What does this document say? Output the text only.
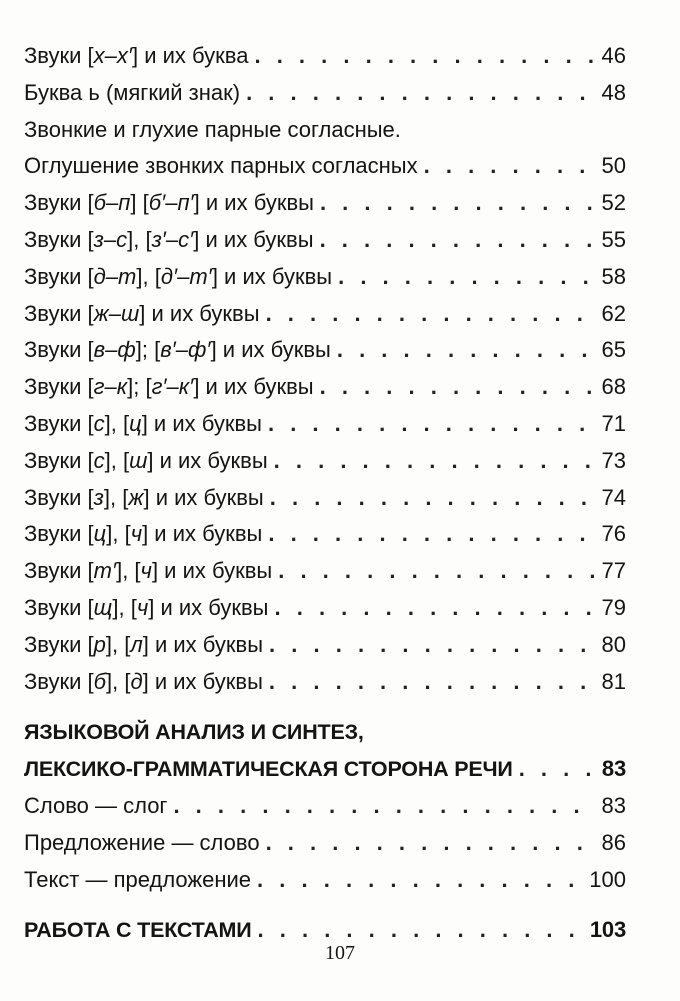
Звуки [х–х′] и их буква . . .	46
Буква ь (мягкий знак) . . .	48
Звонкие и глухие парные согласные.
Оглушение звонких парных согласных . . .	50
Звуки [б–п] [б′–п′] и их буквы . . .	52
Звуки [з–с], [з′–с′] и их буквы . . .	55
Звуки [д–т], [д′–т′] и их буквы . . .	58
Звуки [ж–ш] и их буквы . . .	62
Звуки [в–ф]; [в′–ф′] и их буквы . . .	65
Звуки [г–к]; [г′–к′] и их буквы . . .	68
Звуки [с], [ц] и их буквы . . .	71
Звуки [с], [ш] и их буквы . . .	73
Звуки [з], [ж] и их буквы . . .	74
Звуки [ц], [ч] и их буквы . . .	76
Звуки [т′], [ч] и их буквы . . .	77
Звуки [щ], [ч] и их буквы . . .	79
Звуки [р], [л] и их буквы . . .	80
Звуки [б], [д] и их буквы . . .	81
ЯЗЫКОВОЙ АНАЛИЗ И СИНТЕЗ,
ЛЕКСИКО-ГРАММАТИЧЕСКАЯ СТОРОНА РЕЧИ . . .	83
Слово — слог . . .	83
Предложение — слово . . .	86
Текст — предложение . . .	100
РАБОТА С ТЕКСТАМИ . . .	103
107
